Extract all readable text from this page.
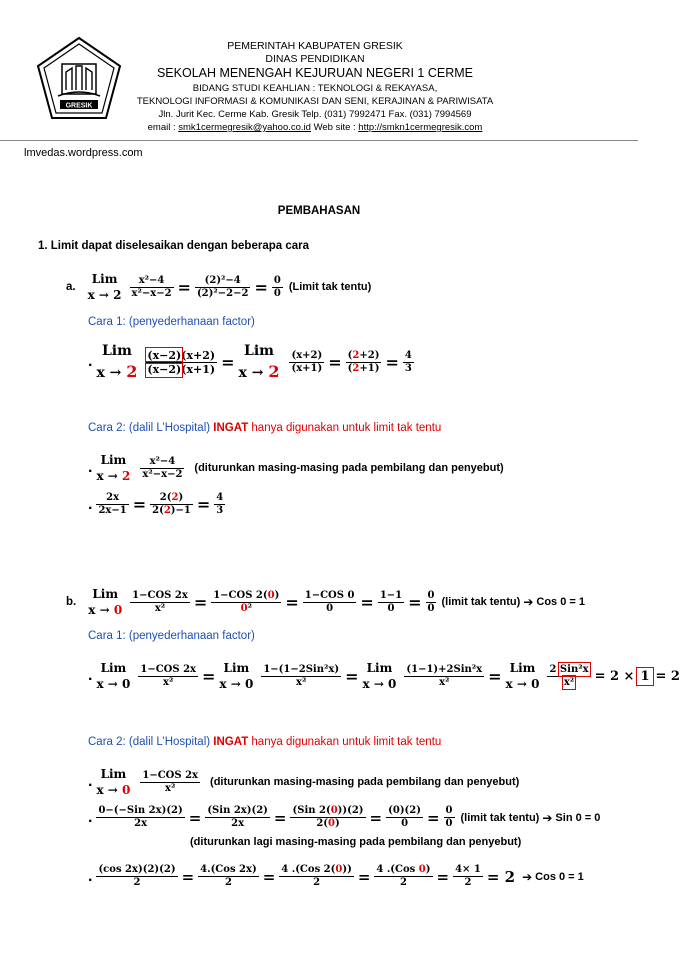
GRESIK
PEMERINTAH KABUPATEN GRESIK
DINAS PENDIDIKAN
SEKOLAH MENENGAH KEJURUAN NEGERI 1 CERME
BIDANG STUDI KEAHLIAN : TEKNOLOGI & REKAYASA,
TEKNOLOGI INFORMASI & KOMUNIKASI DAN SENI, KERAJINAN & PARIWISATA
Jln. Jurit Kec. Cerme Kab. Gresik Telp. (031) 7992471 Fax. (031) 7994569
email : smk1cermegresik@yahoo.co.id Web site : http://smkn1cermegresik.com
lmvedas.wordpress.com
PEMBAHASAN
1. Limit dapat diselesaikan dengan beberapa cara
a.
Lim
$x \to 2 \frac{\text{x²−4}}{\text{x²−x−2}} = \frac{\text{(2)²−4}}{\text{(2)²−2−2}} = \frac{0}{0}$ (Limit tak tentu)
Cara 1: (penyederhanaan factor)
.
Lim
$x \to 2 \frac{(x-2)(x+2)}{(x-2)(x+1)}$ =
Lim
$x \to 2 \frac{(x+2)}{(x+1)} = \frac{(2+2)}{(2+1)} = \frac{4}{3}$
Cara 2: (dalil L’Hospital) INGAT hanya digunakan untuk limit tak tentu
. Lim
$x \to 2 \frac{\text{x²−4}}{\text{x²−x−2}}$ (diturunkan masing-masing pada pembilang dan penyebut)
. $\frac{2x}{2x-1} = \frac{2(2)}{2(2)-1} = \frac{4}{3}$
b.
Lim
$x \to 0 \frac{\text{1−COS 2x}}{\text{x²}} = \frac{\text{1−COS 2(0)}}{\text{0²}} = \frac{\text{1−COS 0}}{0} = \frac{1-1}{0} = \frac{0}{0}$ (limit tak tentu) ➔ Cos 0 = 1
Cara 1: (penyederhanaan factor)
. Lim
$x \to 0 \frac{\text{1−COS 2x}}{\text{x²}}$ = Lim
$x \to 0 \frac{\text{1−(1−2Sin²x)}}{\text{x²}}$ = Lim
$x \to 0 \frac{\text{(1−1)+2Sin²x}}{\text{x²}}$ = Lim
$x \to 0 \frac{\text{2 Sin²x}}{\text{x²}} = 2 \times 1 = 2$
Cara 2: (dalil L’Hospital) INGAT hanya digunakan untuk limit tak tentu
. Lim
$x \to 0 \frac{\text{1−COS 2x}}{\text{x²}}$ (diturunkan masing-masing pada pembilang dan penyebut)
. $\frac{\text{0−(−Sin 2x)(2)}}{2x} = \frac{\text{(Sin 2x)(2)}}{2x} = \frac{\text{(Sin 2(0))(2)}}{2(0)} = \frac{(0)(2)}{0} = \frac{0}{0}$ (limit tak tentu) ➔ Sin 0 = 0
(diturunkan lagi masing-masing pada pembilang dan penyebut)
. $\frac{(\cos 2x)(2)(2)}{2} = \frac{\text{4.(Cos 2x)}}{2} = \frac{\text{4 .(Cos 2(0))}}{2} = \frac{\text{4 .(Cos 0)}}{2} = \frac{4\times 1}{2} = 2$ ➔ Cos 0 = 1
